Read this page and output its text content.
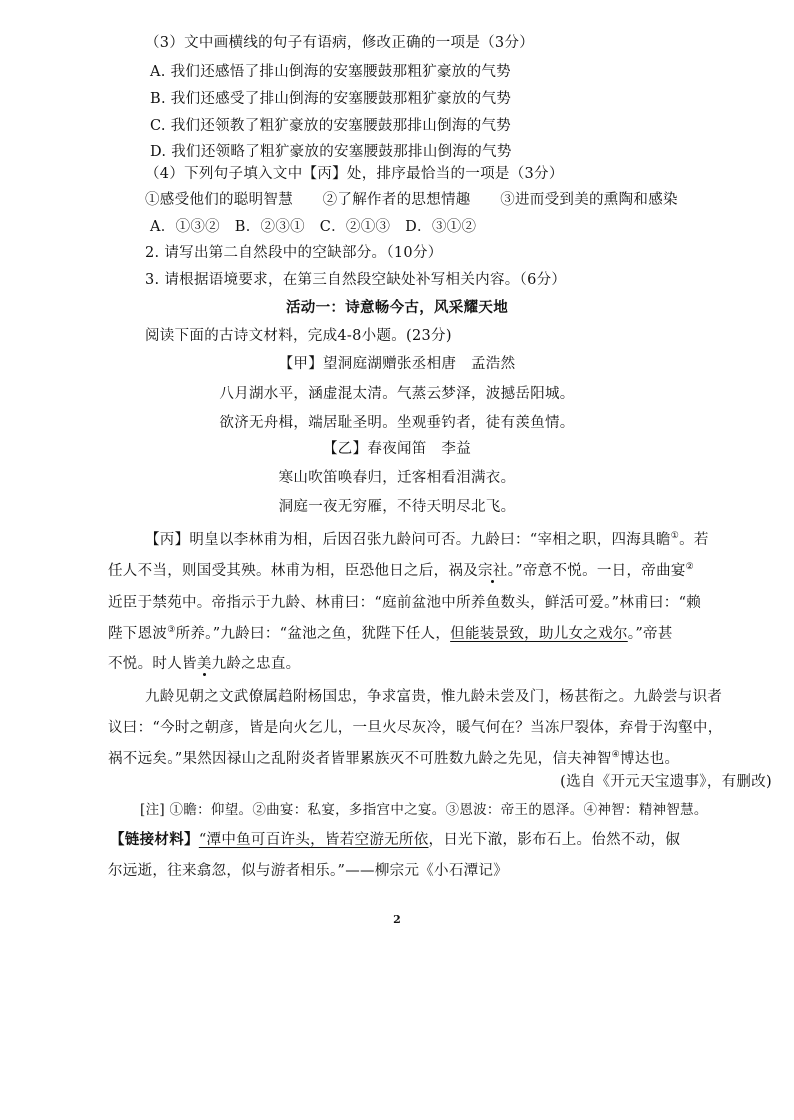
（3）文中画横线的句子有语病，修改正确的一项是（3分）
A. 我们还感悟了排山倒海的安塞腰鼓那粗犷豪放的气势
B. 我们还感受了排山倒海的安塞腰鼓那粗犷豪放的气势
C. 我们还领教了粗犷豪放的安塞腰鼓那排山倒海的气势
D. 我们还领略了粗犷豪放的安塞腰鼓那排山倒海的气势
（4）下列句子填入文中【丙】处，排序最恰当的一项是（3分）
①感受他们的聪明智慧　　②了解作者的思想情趣　　③进而受到美的熏陶和感染
A．①③②　B．②③①　C．②①③　D．③①②
2. 请写出第二自然段中的空缺部分。（10分）
3. 请根据语境要求，在第三自然段空缺处补写相关内容。（6分）
活动一：诗意畅今古，风采耀天地
阅读下面的古诗文材料，完成4-8小题。(23分)
【甲】望洞庭湖赠张丞相唐　孟浩然
八月湖水平，涵虚混太清。气蒸云梦泽，波撼岳阳城。
欲济无舟楫，端居耻圣明。坐观垂钓者，徒有羡鱼情。
【乙】春夜闻笛　李益
寒山吹笛唤春归，迁客相看泪满衣。
洞庭一夜无穷雁，不待天明尽北飞。
【丙】明皇以李林甫为相，后因召张九龄问可否。九龄曰：“宰相之职，四海具瞻①。若
任人不当，则国受其殃。林甫为相，臣恐他日之后，祸及宗社。”帝意不悦。一日，帝曲宴②
近臣于禁苑中。帝指示于九龄、林甫曰：“庭前盆池中所养鱼数头，鲜活可爱。”林甫曰：“赖
陛下恩波③所养。”九龄曰：“盆池之鱼，犹陛下任人，但能装景致，助儿女之戏尔。”帝甚
不悦。时人皆美九龄之忠直。
九龄见朝之文武僚属趋附杨国忠，争求富贵，惟九龄未尝及门，杨甚衔之。九龄尝与识者
议曰：“今时之朝彦，皆是向火乞儿，一旦火尽灰冷，暖气何在？当冻尸裂体，弃骨于沟壑中，
祸不远矣。”果然因禄山之乱附炎者皆罪累族灭不可胜数九龄之先见，信夫神智④博达也。
(选自《开元天宝遗事》，有删改)
[注] ①瞻：仰望。②曲宴：私宴，多指宫中之宴。③恩波：帝王的恩泽。④神智：精神智慧。
【链接材料】“潭中鱼可百许头，皆若空游无所依，日光下澈，影布石上。佁然不动，俶
尔远逝，往来翕忽，似与游者相乐。”——柳宗元《小石潭记》
2
